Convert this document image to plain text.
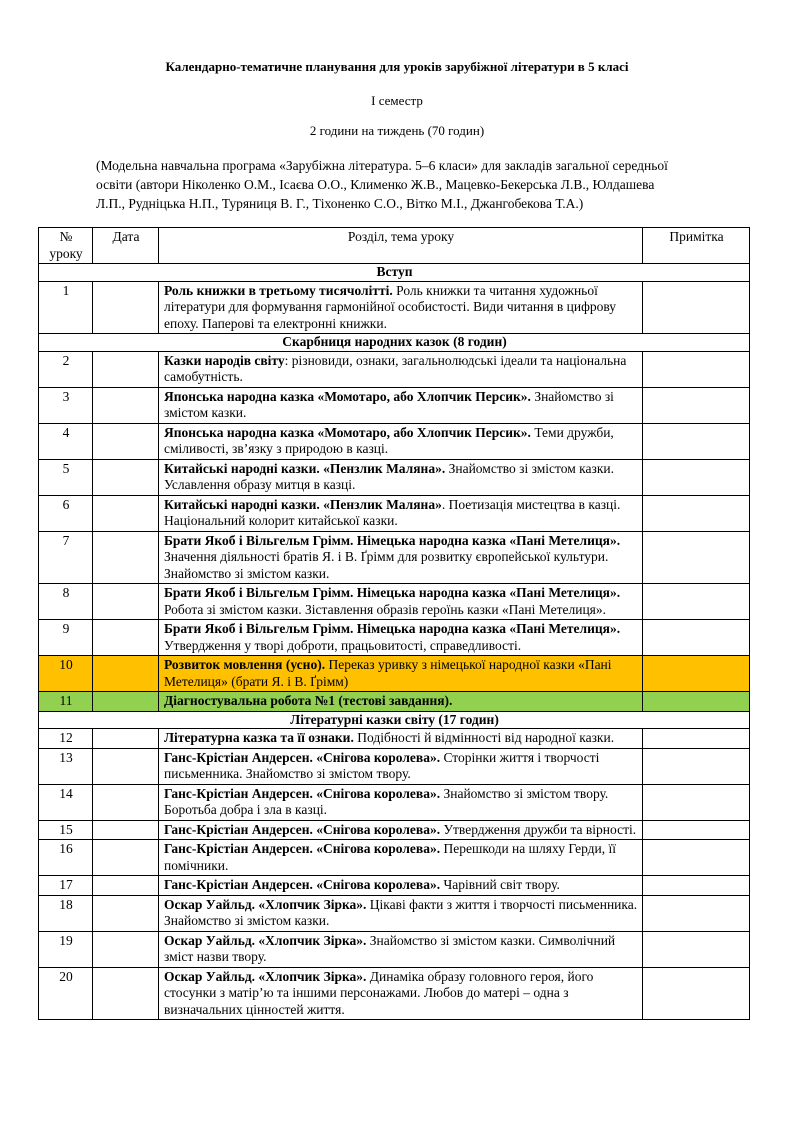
Календарно-тематичне планування для уроків зарубіжної літератури в 5 класі
І семестр
2 години на тиждень (70 годин)
(Модельна навчальна програма «Зарубіжна література. 5–6 класи» для закладів загальної середньої
освіти (автори Ніколенко О.М., Ісаєва О.О., Клименко Ж.В., Мацевко-Бекерська Л.В., Юлдашева
Л.П., Рудніцька Н.П., Туряниця В. Г., Тіхоненко С.О., Вітко М.І., Джангобекова Т.А.)
№ уроку	Дата	Розділ, тема уроку	Примітка
Вступ			
1		Роль книжки в третьому тисячолітті. Роль книжки та читання художньої літератури для формування гармонійної особистості. Види читання в цифрову епоху. Паперові та електронні книжки.	
Скарбниця народних казок (8 годин)			
2		Казки народів світу: різновиди, ознаки, загальнолюдські ідеали та національна самобутність.	
3		Японська народна казка «Момотаро, або Хлопчик Персик». Знайомство зі змістом казки.	
4		Японська народна казка «Момотаро, або Хлопчик Персик». Теми дружби, сміливості, зв’язку з природою в казці.	
5		Китайські народні казки. «Пензлик Маляна». Знайомство зі змістом казки. Уславлення образу митця в казці.	
6		Китайські народні казки. «Пензлик Маляна». Поетизація мистецтва в казці. Національний колорит китайської казки.	
7		Брати Якоб і Вільгельм Грімм. Німецька народна казка «Пані Метелиця». Значення діяльності братів Я. і В. Ґрімм для розвитку європейської культури. Знайомство зі змістом казки.	
8		Брати Якоб і Вільгельм Грімм. Німецька народна казка «Пані Метелиця». Робота зі змістом казки. Зіставлення образів героїнь казки «Пані Метелиця».	
9		Брати Якоб і Вільгельм Грімм. Німецька народна казка «Пані Метелиця». Утвердження у творі доброти, працьовитості, справедливості.	
10		Розвиток мовлення (усно). Переказ уривку з німецької народної казки «Пані Метелиця» (брати Я. і В. Ґрімм)	
11		Діагностувальна робота №1 (тестові завдання).	
Літературні казки світу (17 годин)			
12		Літературна казка та її ознаки. Подібності й відмінності від народної казки.	
13		Ганс-Крістіан Андерсен. «Снігова королева». Сторінки життя і творчості письменника. Знайомство зі змістом твору.	
14		Ганс-Крістіан Андерсен. «Снігова королева». Знайомство зі змістом твору. Боротьба добра і зла в казці.	
15		Ганс-Крістіан Андерсен. «Снігова королева». Утвердження дружби та вірності.	
16		Ганс-Крістіан Андерсен. «Снігова королева». Перешкоди на шляху Герди, її помічники.	
17		Ганс-Крістіан Андерсен. «Снігова королева». Чарівний світ твору.	
18		Оскар Уайльд. «Хлопчик Зірка». Цікаві факти з життя і творчості письменника. Знайомство зі змістом казки.	
19		Оскар Уайльд. «Хлопчик Зірка». Знайомство зі змістом казки. Символічний зміст назви твору.	
20		Оскар Уайльд. «Хлопчик Зірка». Динаміка образу головного героя, його стосунки з матір’ю та іншими персонажами. Любов до матері – одна з визначальних цінностей життя.	
